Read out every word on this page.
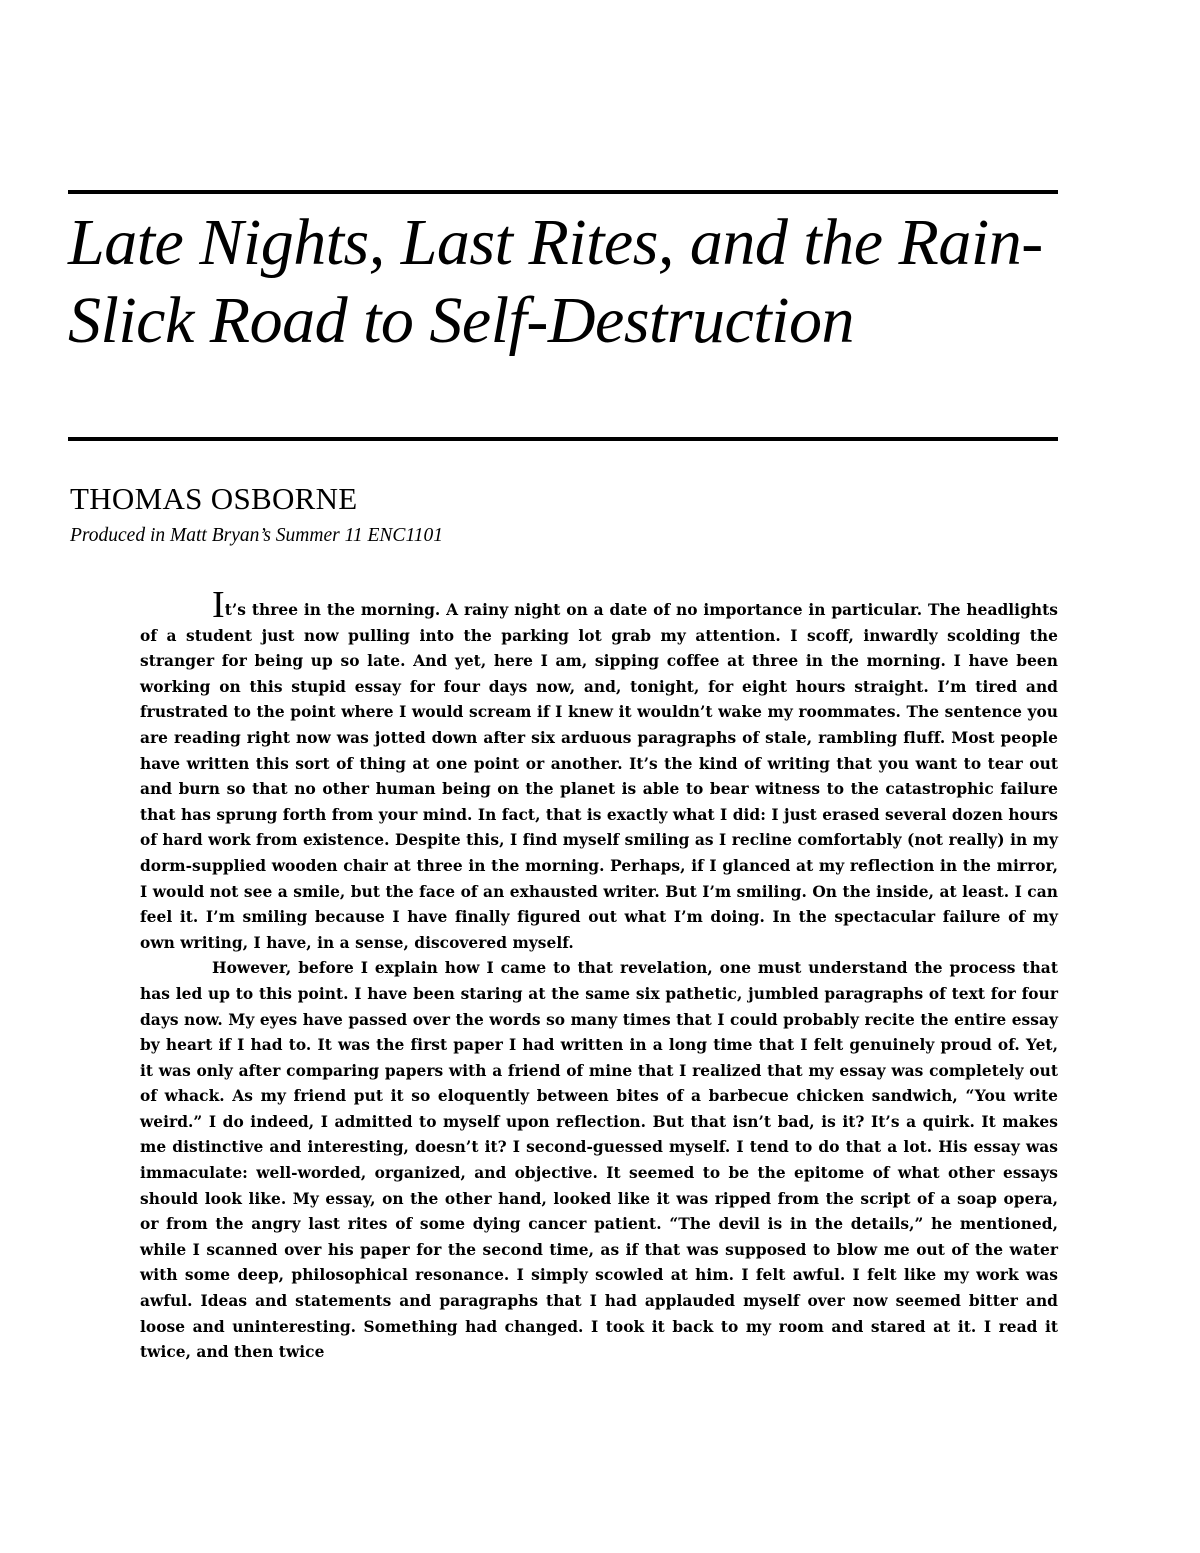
Late Nights, Last Rites, and the Rain-Slick Road to Self-Destruction
THOMAS OSBORNE
Produced in Matt Bryan’s Summer 11 ENC1101

It’s three in the morning. A rainy night on a date of no importance in particular. The headlights of a student just now pulling into the parking lot grab my attention. I scoff, inwardly scolding the stranger for being up so late. And yet, here I am, sipping coffee at three in the morning. I have been working on this stupid essay for four days now, and, tonight, for eight hours straight. I’m tired and frustrated to the point where I would scream if I knew it wouldn’t wake my roommates. The sentence you are reading right now was jotted down after six arduous paragraphs of stale, rambling fluff. Most people have written this sort of thing at one point or another. It’s the kind of writing that you want to tear out and burn so that no other human being on the planet is able to bear witness to the catastrophic failure that has sprung forth from your mind. In fact, that is exactly what I did: I just erased several dozen hours of hard work from existence. Despite this, I find myself smiling as I recline comfortably (not really) in my dorm-supplied wooden chair at three in the morning. Perhaps, if I glanced at my reflection in the mirror, I would not see a smile, but the face of an exhausted writer. But I’m smiling. On the inside, at least. I can feel it. I’m smiling because I have finally figured out what I’m doing. In the spectacular failure of my own writing, I have, in a sense, discovered myself.

However, before I explain how I came to that revelation, one must understand the process that has led up to this point. I have been staring at the same six pathetic, jumbled paragraphs of text for four days now. My eyes have passed over the words so many times that I could probably recite the entire essay by heart if I had to. It was the first paper I had written in a long time that I felt genuinely proud of. Yet, it was only after comparing papers with a friend of mine that I realized that my essay was completely out of whack. As my friend put it so eloquently between bites of a barbecue chicken sandwich, “You write weird.” I do indeed, I admitted to myself upon reflection. But that isn’t bad, is it? It’s a quirk. It makes me distinctive and interesting, doesn’t it? I second-guessed myself. I tend to do that a lot. His essay was immaculate: well-worded, organized, and objective. It seemed to be the epitome of what other essays should look like. My essay, on the other hand, looked like it was ripped from the script of a soap opera, or from the angry last rites of some dying cancer patient. “The devil is in the details,” he mentioned, while I scanned over his paper for the second time, as if that was supposed to blow me out of the water with some deep, philosophical resonance. I simply scowled at him. I felt awful. I felt like my work was awful. Ideas and statements and paragraphs that I had applauded myself over now seemed bitter and loose and uninteresting. Something had changed. I took it back to my room and stared at it. I read it twice, and then twice
